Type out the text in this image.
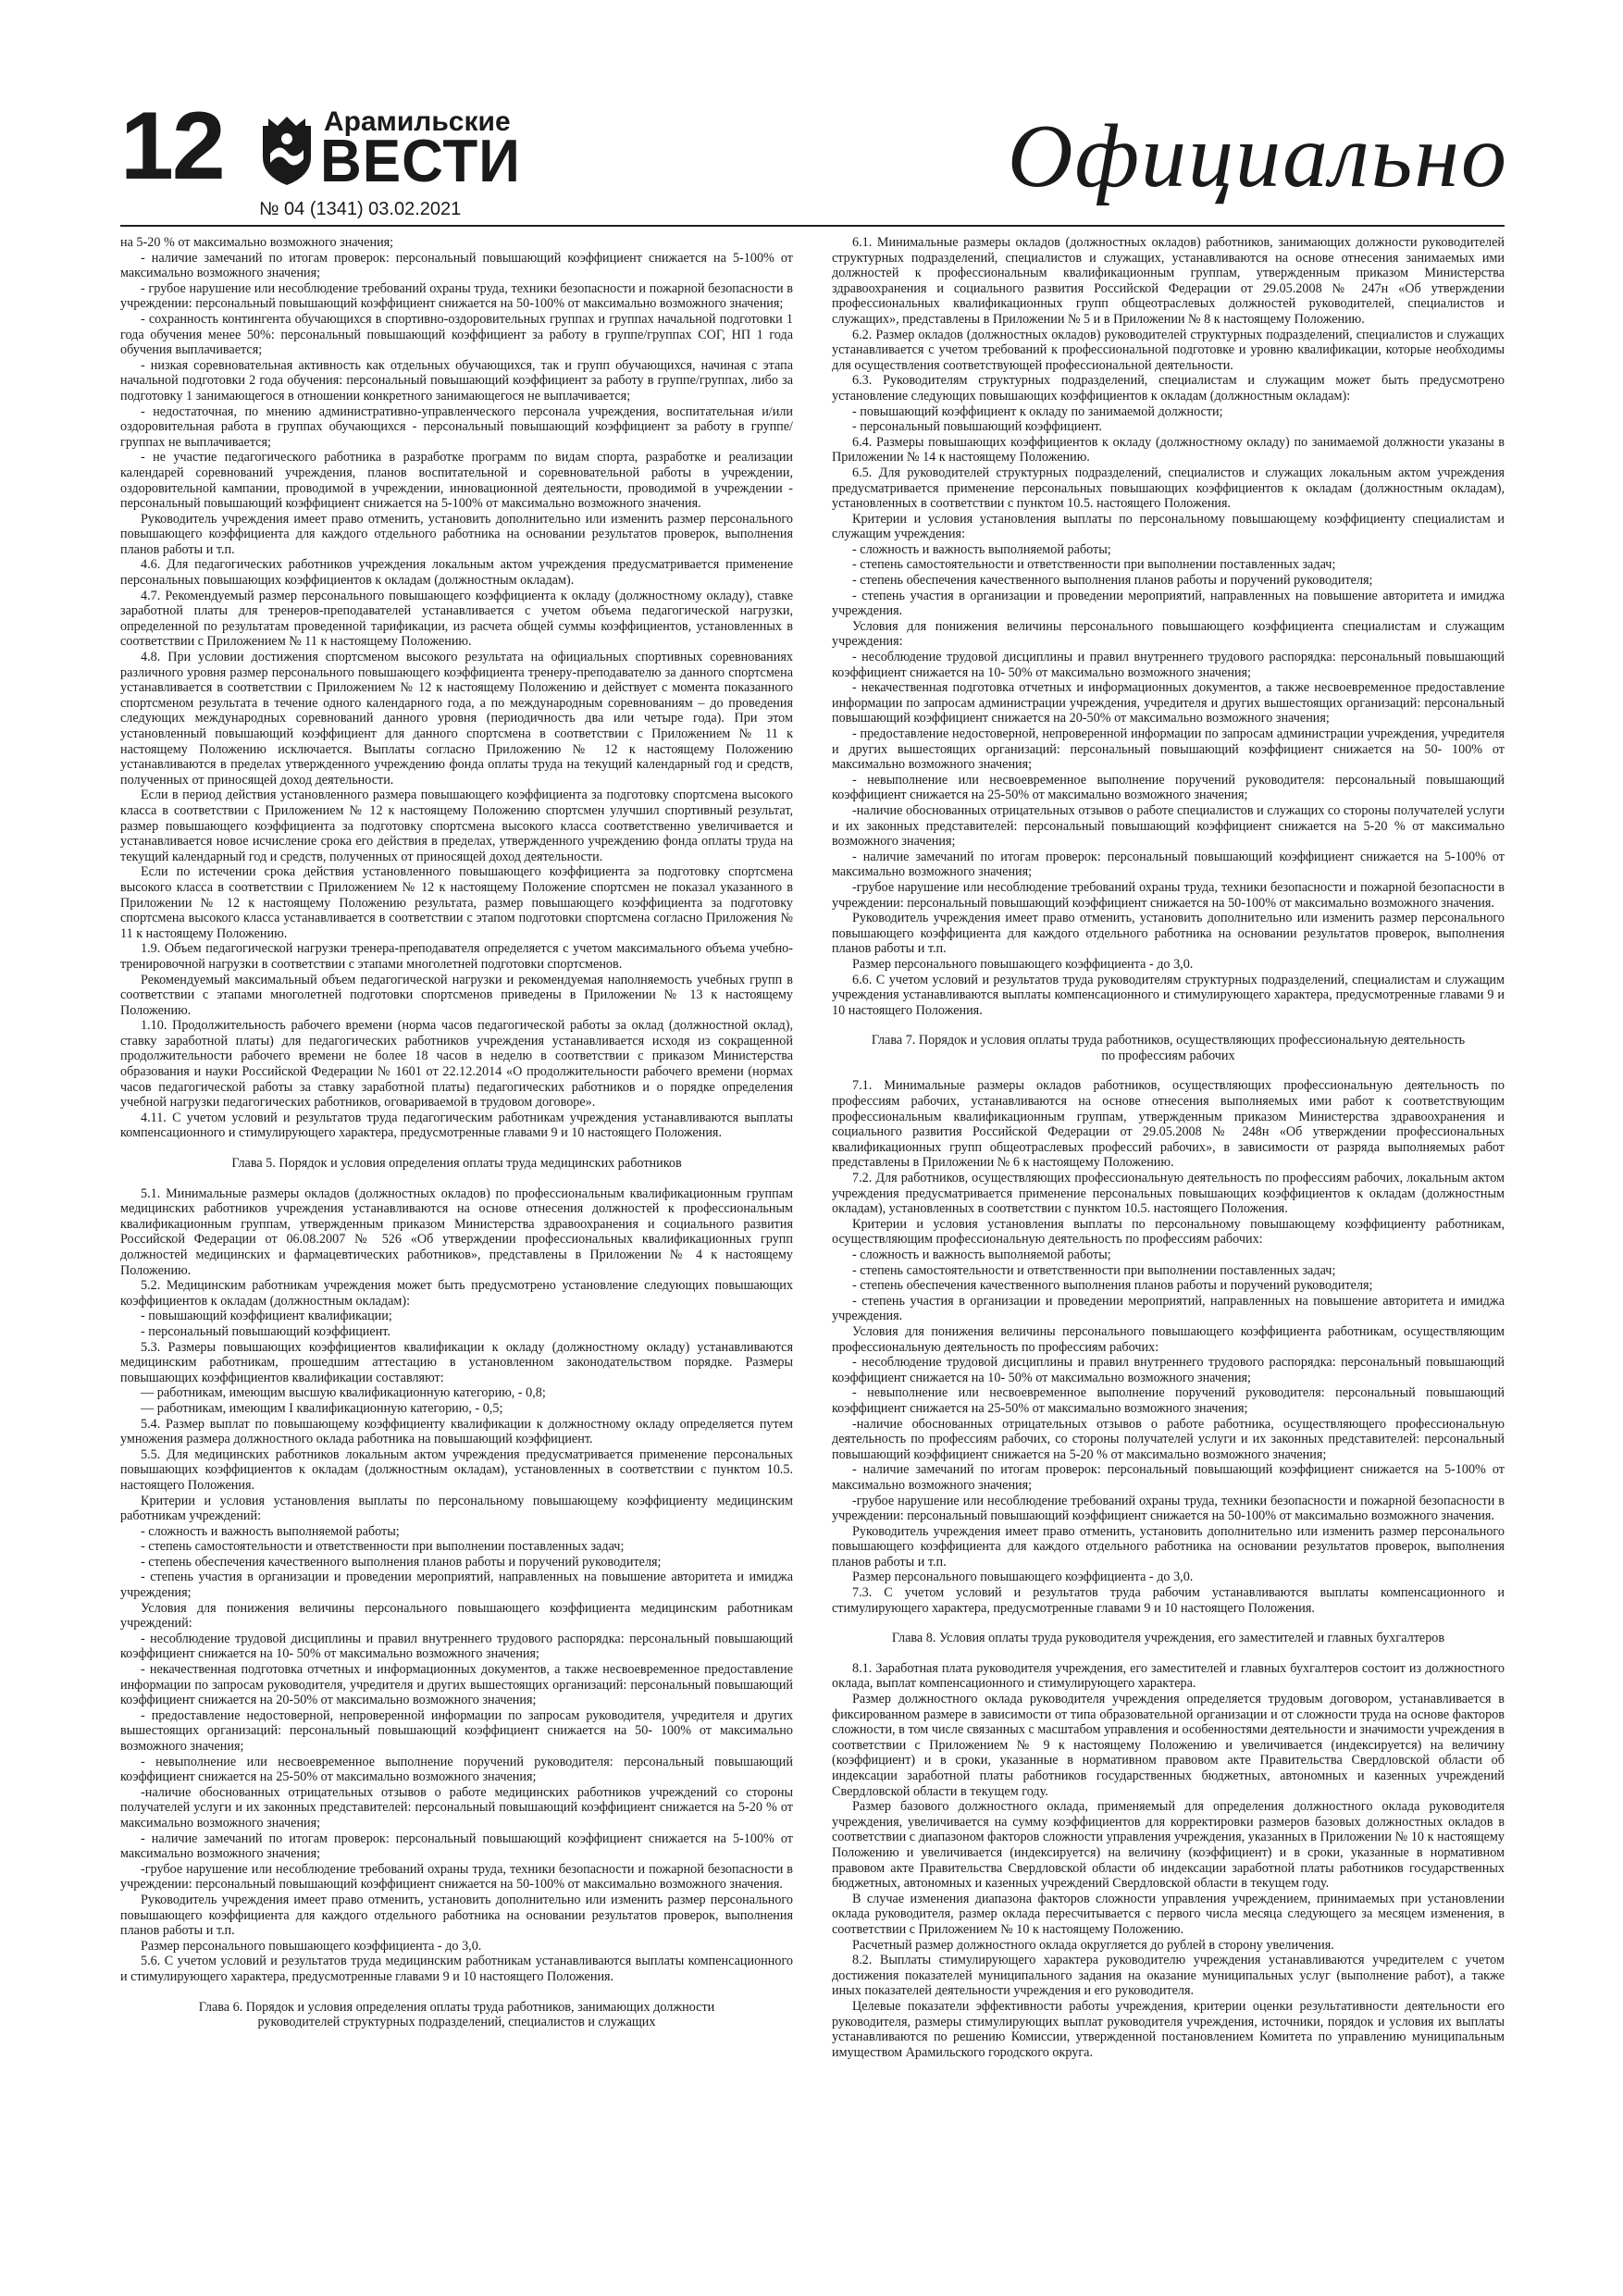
12	Арамильские
ВЕСТИ
№ 04 (1341) 03.02.2021
Официально

на 5-20 % от максимально возможного значения;

- наличие замечаний по итогам проверок: персональный повышающий коэффициент снижается на 5-100% от максимально возможного значения;

- грубое нарушение или несоблюдение требований охраны труда, техники безопасности и пожарной безопасности в учреждении: персональный повышающий коэффициент снижается на 50-100% от максимально возможного значения;

- сохранность контингента обучающихся в спортивно-оздоровительных группах и группах начальной подготовки 1 года обучения менее 50%: персональный повышающий коэффициент за работу в группе/группах СОГ, НП 1 года обучения выплачивается;

- низкая соревновательная активность как отдельных обучающихся, так и групп обучающихся, начиная с этапа начальной подготовки 2 года обучения: персональный повышающий коэффициент за работу в группе/группах, либо за подготовку 1 занимающегося в отношении конкретного занимающегося не выплачивается;

- недостаточная, по мнению административно-управленческого персонала учреждения, воспитательная и/или оздоровительная работа в группах обучающихся - персональный повышающий коэффициент за работу в группе/группах не выплачивается;

- не участие педагогического работника в разработке программ по видам спорта, разработке и реализации календарей соревнований учреждения, планов воспитательной и соревновательной работы в учреждении, оздоровительной кампании, проводимой в учреждении, инновационной деятельности, проводимой в учреждении - персональный повышающий коэффициент снижается на 5-100% от максимально возможного значения.

Руководитель учреждения имеет право отменить, установить дополнительно или изменить размер персонального повышающего коэффициента для каждого отдельного работника на основании результатов проверок, выполнения планов работы и т.п.

4.6. Для педагогических работников учреждения локальным актом учреждения предусматривается применение персональных повышающих коэффициентов к окладам (должностным окладам).

4.7. Рекомендуемый размер персонального повышающего коэффициента к окладу (должностному окладу), ставке заработной платы для тренеров-преподавателей устанавливается с учетом объема педагогической нагрузки, определенной по результатам проведенной тарификации, из расчета общей суммы коэффициентов, установленных в соответствии с Приложением № 11 к настоящему Положению.

4.8. При условии достижения спортсменом высокого результата на официальных спортивных соревнованиях различного уровня размер персонального повышающего коэффициента тренеру-преподавателю за данного спортсмена устанавливается в соответствии с Приложением № 12 к настоящему Положению и действует с момента показанного спортсменом результата в течение одного календарного года, а по международным соревнованиям – до проведения следующих международных соревнований данного уровня (периодичность два или четыре года). При этом установленный повышающий коэффициент для данного спортсмена в соответствии с Приложением № 11 к настоящему Положению исключается. Выплаты согласно Приложению № 12 к настоящему Положению устанавливаются в пределах утвержденного учреждению фонда оплаты труда на текущий календарный год и средств, полученных от приносящей доход деятельности.

Если в период действия установленного размера повышающего коэффициента за подготовку спортсмена высокого класса в соответствии с Приложением № 12 к настоящему Положению спортсмен улучшил спортивный результат, размер повышающего коэффициента за подготовку спортсмена высокого класса соответственно увеличивается и устанавливается новое исчисление срока его действия в пределах, утвержденного учреждению фонда оплаты труда на текущий календарный год и средств, полученных от приносящей доход деятельности.

Если по истечении срока действия установленного повышающего коэффициента за подготовку спортсмена высокого класса в соответствии с Приложением № 12 к настоящему Положение спортсмен не показал указанного в Приложении № 12 к настоящему Положению результата, размер повышающего коэффициента за подготовку спортсмена высокого класса устанавливается в соответствии с этапом подготовки спортсмена согласно Приложения № 11 к настоящему Положению.

1.9. Объем педагогической нагрузки тренера-преподавателя определяется с учетом максимального объема учебно-тренировочной нагрузки в соответствии с этапами многолетней подготовки спортсменов.

Рекомендуемый максимальный объем педагогической нагрузки и рекомендуемая наполняемость учебных групп в соответствии с этапами многолетней подготовки спортсменов приведены в Приложении № 13 к настоящему Положению.

1.10. Продолжительность рабочего времени (норма часов педагогической работы за оклад (должностной оклад), ставку заработной платы) для педагогических работников учреждения устанавливается исходя из сокращенной продолжительности рабочего времени не более 18 часов в неделю в соответствии с приказом Министерства образования и науки Российской Федерации № 1601 от 22.12.2014 «О продолжительности рабочего времени (нормах часов педагогической работы за ставку заработной платы) педагогических работников и о порядке определения учебной нагрузки педагогических работников, оговариваемой в трудовом договоре».

4.11. С учетом условий и результатов труда педагогическим работникам учреждения устанавливаются выплаты компенсационного и стимулирующего характера, предусмотренные главами 9 и 10 настоящего Положения.

Глава 5. Порядок и условия определения оплаты труда медицинских работников

5.1. Минимальные размеры окладов (должностных окладов) по профессиональным квалификационным группам медицинских работников учреждения устанавливаются на основе отнесения должностей к профессиональным квалификационным группам, утвержденным приказом Министерства здравоохранения и социального развития Российской Федерации от 06.08.2007 № 526 «Об утверждении профессиональных квалификационных групп должностей медицинских и фармацевтических работников», представлены в Приложении № 4 к настоящему Положению.

5.2. Медицинским работникам учреждения может быть предусмотрено установление следующих повышающих коэффициентов к окладам (должностным окладам):

- повышающий коэффициент квалификации;

- персональный повышающий коэффициент.

5.3. Размеры повышающих коэффициентов квалификации к окладу (должностному окладу) устанавливаются медицинским работникам, прошедшим аттестацию в установленном законодательством порядке. Размеры повышающих коэффициентов квалификации составляют:

— работникам, имеющим высшую квалификационную категорию, - 0,8;

— работникам, имеющим I квалификационную категорию, - 0,5;

5.4. Размер выплат по повышающему коэффициенту квалификации к должностному окладу определяется путем умножения размера должностного оклада работника на повышающий коэффициент.

5.5. Для медицинских работников локальным актом учреждения предусматривается применение персональных повышающих коэффициентов к окладам (должностным окладам), установленных в соответствии с пунктом 10.5. настоящего Положения.

Критерии и условия установления выплаты по персональному повышающему коэффициенту медицинским работникам учреждений:

- сложность и важность выполняемой работы;

- степень самостоятельности и ответственности при выполнении поставленных задач;

- степень обеспечения качественного выполнения планов работы и поручений руководителя;

- степень участия в организации и проведении мероприятий, направленных на повышение авторитета и имиджа учреждения;

Условия для понижения величины персонального повышающего коэффициента медицинским работникам учреждений:

- несоблюдение трудовой дисциплины и правил внутреннего трудового распорядка: персональный повышающий коэффициент снижается на 10- 50% от максимально возможного значения;

- некачественная подготовка отчетных и информационных документов, а также несвоевременное предоставление информации по запросам руководителя, учредителя и других вышестоящих организаций: персональный повышающий коэффициент снижается на 20-50% от максимально возможного значения;

- предоставление недостоверной, непроверенной информации по запросам руководителя, учредителя и других вышестоящих организаций: персональный повышающий коэффициент снижается на 50- 100% от максимально возможного значения;

- невыполнение или несвоевременное выполнение поручений руководителя: персональный повышающий коэффициент снижается на 25-50% от максимально возможного значения;

-наличие обоснованных отрицательных отзывов о работе медицинских работников учреждений со стороны получателей услуги и их законных представителей: персональный повышающий коэффициент снижается на 5-20 % от максимально возможного значения;

- наличие замечаний по итогам проверок: персональный повышающий коэффициент снижается на 5-100% от максимально возможного значения;

-грубое нарушение или несоблюдение требований охраны труда, техники безопасности и пожарной безопасности в учреждении: персональный повышающий коэффициент снижается на 50-100% от максимально возможного значения.

Руководитель учреждения имеет право отменить, установить дополнительно или изменить размер персонального повышающего коэффициента для каждого отдельного работника на основании результатов проверок, выполнения планов работы и т.п.

Размер персонального повышающего коэффициента - до 3,0.

5.6. С учетом условий и результатов труда медицинским работникам устанавливаются выплаты компенсационного и стимулирующего характера, предусмотренные главами 9 и 10 настоящего Положения.

Глава 6. Порядок и условия определения оплаты труда работников, занимающих должности руководителей структурных подразделений, специалистов и служащих

6.1. Минимальные размеры окладов (должностных окладов) работников, занимающих должности руководителей структурных подразделений, специалистов и служащих, устанавливаются на основе отнесения занимаемых ими должностей к профессиональным квалификационным группам, утвержденным приказом Министерства здравоохранения и социального развития Российской Федерации от 29.05.2008 № 247н «Об утверждении профессиональных квалификационных групп общеотраслевых должностей руководителей, специалистов и служащих», представлены в Приложении № 5 и в Приложении № 8 к настоящему Положению.

6.2. Размер окладов (должностных окладов) руководителей структурных подразделений, специалистов и служащих устанавливается с учетом требований к профессиональной подготовке и уровню квалификации, которые необходимы для осуществления соответствующей профессиональной деятельности.

6.3. Руководителям структурных подразделений, специалистам и служащим может быть предусмотрено установление следующих повышающих коэффициентов к окладам (должностным окладам):

- повышающий коэффициент к окладу по занимаемой должности;

- персональный повышающий коэффициент.

6.4. Размеры повышающих коэффициентов к окладу (должностному окладу) по занимаемой должности указаны в Приложении № 14 к настоящему Положению.

6.5. Для руководителей структурных подразделений, специалистов и служащих локальным актом учреждения предусматривается применение персональных повышающих коэффициентов к окладам (должностным окладам), установленных в соответствии с пунктом 10.5. настоящего Положения.

Критерии и условия установления выплаты по персональному повышающему коэффициенту специалистам и служащим учреждения:

- сложность и важность выполняемой работы;

- степень самостоятельности и ответственности при выполнении поставленных задач;

- степень обеспечения качественного выполнения планов работы и поручений руководителя;

- степень участия в организации и проведении мероприятий, направленных на повышение авторитета и имиджа учреждения.

Условия для понижения величины персонального повышающего коэффициента специалистам и служащим учреждения:

- несоблюдение трудовой дисциплины и правил внутреннего трудового распорядка: персональный повышающий коэффициент снижается на 10- 50% от максимально возможного значения;

- некачественная подготовка отчетных и информационных документов, а также несвоевременное предоставление информации по запросам администрации учреждения, учредителя и других вышестоящих организаций: персональный повышающий коэффициент снижается на 20-50% от максимально возможного значения;

- предоставление недостоверной, непроверенной информации по запросам администрации учреждения, учредителя и других вышестоящих организаций: персональный повышающий коэффициент снижается на 50- 100% от максимально возможного значения;

- невыполнение или несвоевременное выполнение поручений руководителя: персональный повышающий коэффициент снижается на 25-50% от максимально возможного значения;

-наличие обоснованных отрицательных отзывов о работе специалистов и служащих со стороны получателей услуги и их законных представителей: персональный повышающий коэффициент снижается на 5-20 % от максимально возможного значения;

- наличие замечаний по итогам проверок: персональный повышающий коэффициент снижается на 5-100% от максимально возможного значения;

-грубое нарушение или несоблюдение требований охраны труда, техники безопасности и пожарной безопасности в учреждении: персональный повышающий коэффициент снижается на 50-100% от максимально возможного значения.

Руководитель учреждения имеет право отменить, установить дополнительно или изменить размер персонального повышающего коэффициента для каждого отдельного работника на основании результатов проверок, выполнения планов работы и т.п.

Размер персонального повышающего коэффициента - до 3,0.

6.6. С учетом условий и результатов труда руководителям структурных подразделений, специалистам и служащим учреждения устанавливаются выплаты компенсационного и стимулирующего характера, предусмотренные главами 9 и 10 настоящего Положения.

Глава 7. Порядок и условия оплаты труда работников, осуществляющих профессиональную деятельность по профессиям рабочих

7.1. Минимальные размеры окладов работников, осуществляющих профессиональную деятельность по профессиям рабочих, устанавливаются на основе отнесения выполняемых ими работ к соответствующим профессиональным квалификационным группам, утвержденным приказом Министерства здравоохранения и социального развития Российской Федерации от 29.05.2008 № 248н «Об утверждении профессиональных квалификационных групп общеотраслевых профессий рабочих», в зависимости от разряда выполняемых работ представлены в Приложении № 6 к настоящему Положению.

7.2. Для работников, осуществляющих профессиональную деятельность по профессиям рабочих, локальным актом учреждения предусматривается применение персональных повышающих коэффициентов к окладам (должностным окладам), установленных в соответствии с пунктом 10.5. настоящего Положения.

Критерии и условия установления выплаты по персональному повышающему коэффициенту работникам, осуществляющим профессиональную деятельность по профессиям рабочих:

- сложность и важность выполняемой работы;

- степень самостоятельности и ответственности при выполнении поставленных задач;

- степень обеспечения качественного выполнения планов работы и поручений руководителя;

- степень участия в организации и проведении мероприятий, направленных на повышение авторитета и имиджа учреждения.

Условия для понижения величины персонального повышающего коэффициента работникам, осуществляющим профессиональную деятельность по профессиям рабочих:

- несоблюдение трудовой дисциплины и правил внутреннего трудового распорядка: персональный повышающий коэффициент снижается на 10- 50% от максимально возможного значения;

- невыполнение или несвоевременное выполнение поручений руководителя: персональный повышающий коэффициент снижается на 25-50% от максимально возможного значения;

-наличие обоснованных отрицательных отзывов о работе работника, осуществляющего профессиональную деятельность по профессиям рабочих, со стороны получателей услуги и их законных представителей: персональный повышающий коэффициент снижается на 5-20 % от максимально возможного значения;

- наличие замечаний по итогам проверок: персональный повышающий коэффициент снижается на 5-100% от максимально возможного значения;

-грубое нарушение или несоблюдение требований охраны труда, техники безопасности и пожарной безопасности в учреждении: персональный повышающий коэффициент снижается на 50-100% от максимально возможного значения.

Руководитель учреждения имеет право отменить, установить дополнительно или изменить размер персонального повышающего коэффициента для каждого отдельного работника на основании результатов проверок, выполнения планов работы и т.п.

Размер персонального повышающего коэффициента - до 3,0.

7.3. С учетом условий и результатов труда рабочим устанавливаются выплаты компенсационного и стимулирующего характера, предусмотренные главами 9 и 10 настоящего Положения.

Глава 8. Условия оплаты труда руководителя учреждения, его заместителей и главных бухгалтеров

8.1. Заработная плата руководителя учреждения, его заместителей и главных бухгалтеров состоит из должностного оклада, выплат компенсационного и стимулирующего характера.

Размер должностного оклада руководителя учреждения определяется трудовым договором, устанавливается в фиксированном размере в зависимости от типа образовательной организации и от сложности труда на основе факторов сложности, в том числе связанных с масштабом управления и особенностями деятельности и значимости учреждения в соответствии с Приложением № 9 к настоящему Положению и увеличивается (индексируется) на величину (коэффициент) и в сроки, указанные в нормативном правовом акте Правительства Свердловской области об индексации заработной платы работников государственных бюджетных, автономных и казенных учреждений Свердловской области в текущем году.

Размер базового должностного оклада, применяемый для определения должностного оклада руководителя учреждения, увеличивается на сумму коэффициентов для корректировки размеров базовых должностных окладов в соответствии с диапазоном факторов сложности управления учреждения, указанных в Приложении № 10 к настоящему Положению и увеличивается (индексируется) на величину (коэффициент) и в сроки, указанные в нормативном правовом акте Правительства Свердловской области об индексации заработной платы работников государственных бюджетных, автономных и казенных учреждений Свердловской области в текущем году.

В случае изменения диапазона факторов сложности управления учреждением, принимаемых при установлении оклада руководителя, размер оклада пересчитывается с первого числа месяца следующего за месяцем изменения, в соответствии с Приложением № 10 к настоящему Положению.

Расчетный размер должностного оклада округляется до рублей в сторону увеличения.

8.2. Выплаты стимулирующего характера руководителю учреждения устанавливаются учредителем с учетом достижения показателей муниципального задания на оказание муниципальных услуг (выполнение работ), а также иных показателей деятельности учреждения и его руководителя.

Целевые показатели эффективности работы учреждения, критерии оценки результативности деятельности его руководителя, размеры стимулирующих выплат руководителя учреждения, источники, порядок и условия их выплаты устанавливаются по решению Комиссии, утвержденной постановлением Комитета по управлению муниципальным имуществом Арамильского городского округа.
